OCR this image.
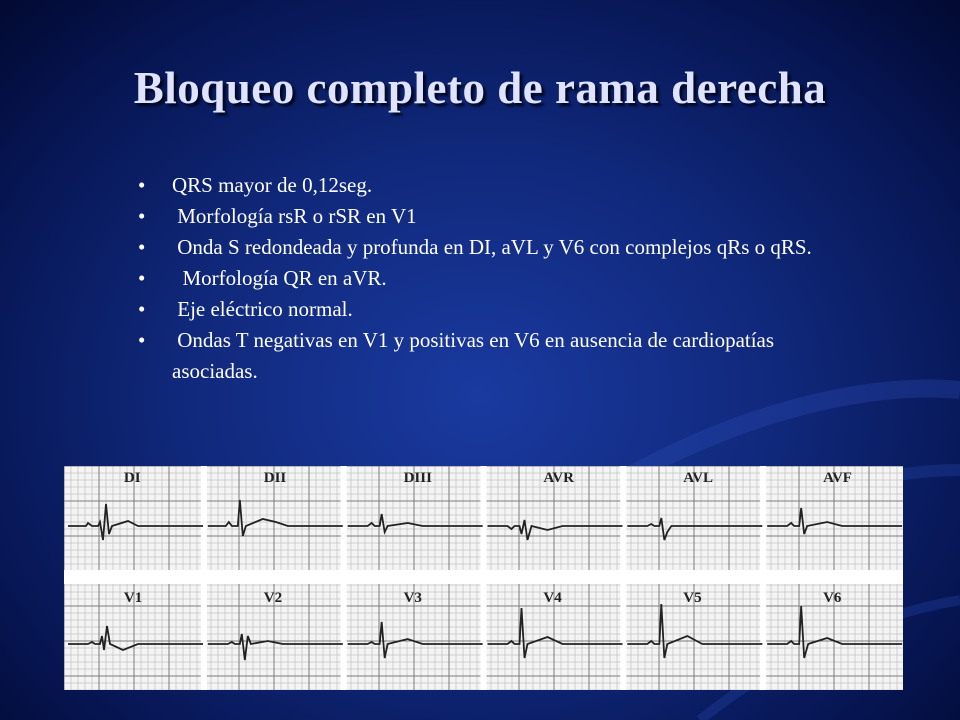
Bloqueo completo de rama derecha
• QRS mayor de 0,12seg.
• Morfología rsR o rSR en V1
• Onda S redondeada y profunda en DI, aVL y V6 con complejos qRs o qRS.
• Morfología QR en aVR.
• Eje eléctrico normal.
• Ondas T negativas en V1 y positivas en V6 en ausencia de cardiopatías asociadas.
DI	DII	DIII	AVR	AVL	AVF
V1	V2	V3	V4	V5	V6
